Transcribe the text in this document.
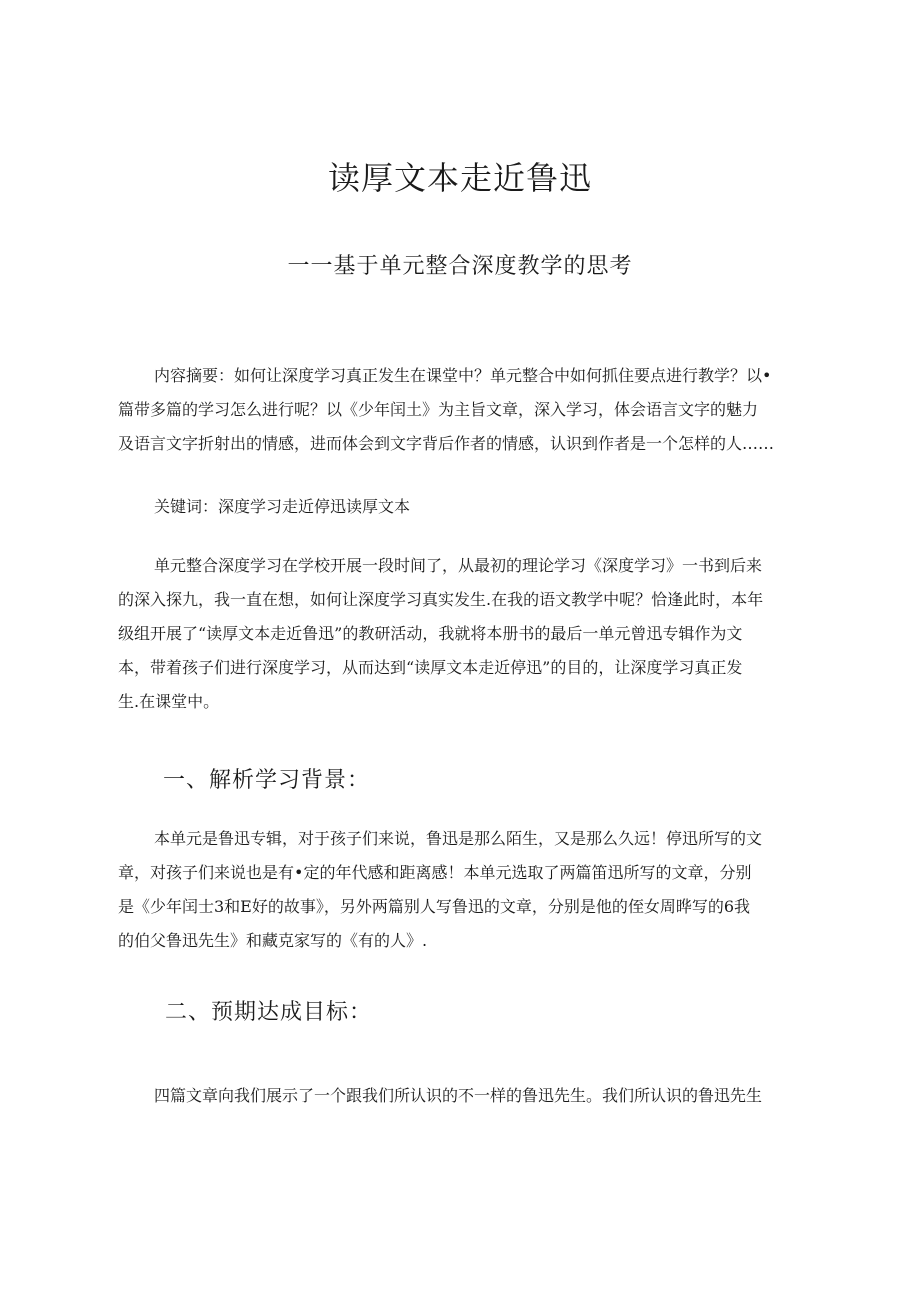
读厚文本走近鲁迅
一一基于单元整合深度教学的思考
内容摘要：如何让深度学习真正发生在课堂中？单元整合中如何抓住要点进行教学？以•
篇带多篇的学习怎么进行呢？以《少年闰土》为主旨文章，深入学习，体会语言文字的魅力
及语言文字折射出的情感，进而体会到文字背后作者的情感，认识到作者是一个怎样的人……
关键词：深度学习走近停迅读厚文本
单元整合深度学习在学校开展一段时间了，从最初的理论学习《深度学习》一书到后来
的深入探九，我一直在想，如何让深度学习真实发生.在我的语文教学中呢？恰逢此时，本年
级组开展了“读厚文本走近鲁迅”的教研活动，我就将本册书的最后一单元曾迅专辑作为文
本，带着孩子们进行深度学习，从而达到“读厚文本走近停迅”的目的，让深度学习真正发
生.在课堂中。
一、解析学习背景：
本单元是鲁迅专辑，对于孩子们来说，鲁迅是那么陌生，又是那么久远！停迅所写的文
章，对孩子们来说也是有•定的年代感和距离感！本单元选取了两篇笛迅所写的文章，分别
是《少年闰士3和E好的故事》，另外两篇别人写鲁迅的文章，分别是他的侄女周晔写的6我
的伯父鲁迅先生》和藏克家写的《有的人》.
二、预期达成目标：
四篇文章向我们展示了一个跟我们所认识的不一样的鲁迅先生。我们所认识的鲁迅先生
